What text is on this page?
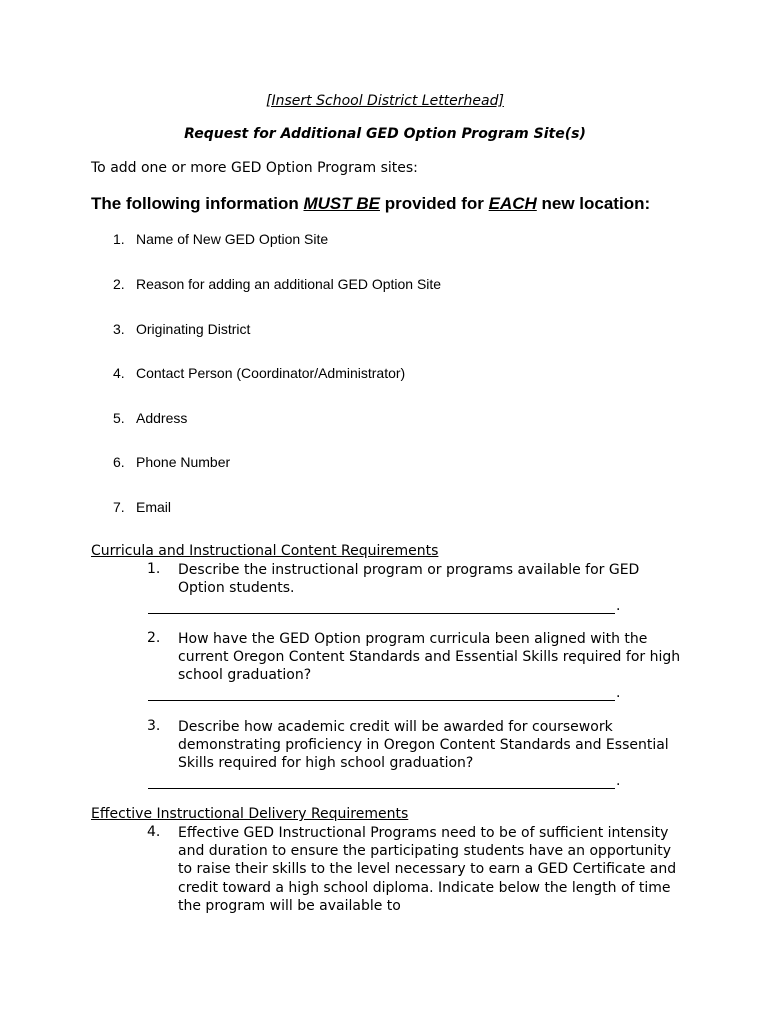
[Insert School District Letterhead]
Request for Additional GED Option Program Site(s)
To add one or more GED Option Program sites:
The following information MUST BE provided for EACH new location:
1. Name of New GED Option Site
2. Reason for adding an additional GED Option Site
3. Originating District
4. Contact Person (Coordinator/Administrator)
5. Address
6. Phone Number
7. Email
Curricula and Instructional Content Requirements
1. Describe the instructional program or programs available for GED Option students.
.
2. How have the GED Option program curricula been aligned with the current Oregon Content Standards and Essential Skills required for high school graduation?
.
3. Describe how academic credit will be awarded for coursework demonstrating proficiency in Oregon Content Standards and Essential Skills required for high school graduation?
.
Effective Instructional Delivery Requirements
4. Effective GED Instructional Programs need to be of sufficient intensity and duration to ensure the participating students have an opportunity to raise their skills to the level necessary to earn a GED Certificate and credit toward a high school diploma. Indicate below the length of time the program will be available to
